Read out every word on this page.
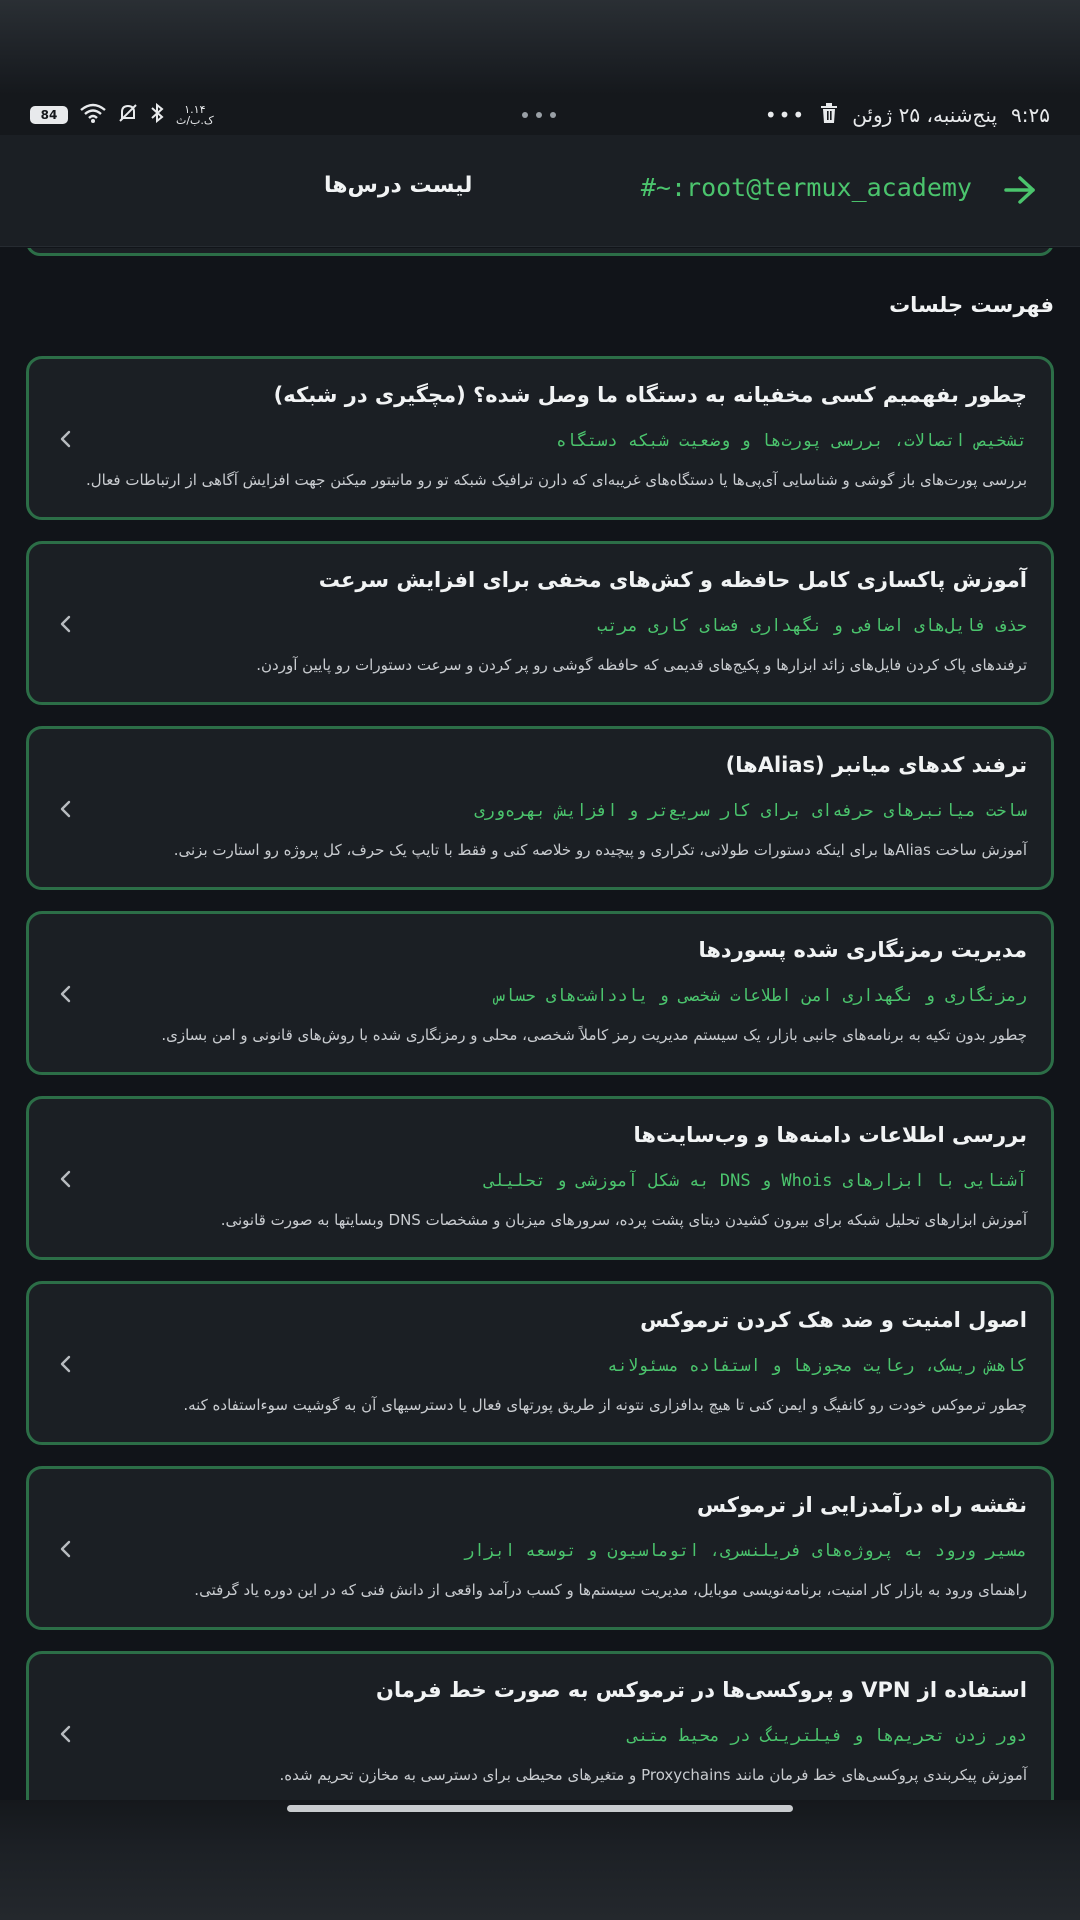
۹:۲۵
پنج‌شنبه، ۲۵ ژوئن
•••
84	۱.۱۴
ک.ب/ث
#~:root@termux_academy
لیست درس‌ها
فهرست جلسات
چطور بفهمیم کسی مخفیانه به دستگاه ما وصل شده؟ (مچگیری در شبکه)
تشخیص اتصالات، بررسی پورت‌ها و وضعیت شبکه دستگاه
بررسی پورت‌های باز گوشی و شناسایی آی‌پی‌ها یا دستگاه‌های غریبه‌ای که دارن ترافیک شبکه تو رو مانیتور میکنن جهت افزایش آگاهی از ارتباطات فعال.
آموزش پاکسازی کامل حافظه و کش‌های مخفی برای افزایش سرعت
حذف فایل‌های اضافی و نگهداری فضای کاری مرتب
ترفندهای پاک کردن فایل‌های زائد ابزارها و پکیج‌های قدیمی که حافظه گوشی رو پر کردن و سرعت دستورات رو پایین آوردن.
ترفند کدهای میانبر (Aliasها)
ساخت میانبرهای حرفه‌ای برای کار سریع‌تر و افزایش بهره‌وری
آموزش ساخت Aliasها برای اینکه دستورات طولانی، تکراری و پیچیده رو خلاصه کنی و فقط با تایپ یک حرف، کل پروژه رو استارت بزنی.
مدیریت رمزنگاری شده پسوردها
رمزنگاری و نگهداری امن اطلاعات شخصی و یادداشت‌های حساس
چطور بدون تکیه به برنامه‌های جانبی بازار، یک سیستم مدیریت رمز کاملاً شخصی، محلی و رمزنگاری شده با روش‌های قانونی و امن بسازی.
بررسی اطلاعات دامنه‌ها و وب‌سایت‌ها
آشنایی با ابزارهای Whois و DNS به شکل آموزشی و تحلیلی
آموزش ابزارهای تحلیل شبکه برای بیرون کشیدن دیتای پشت پرده، سرورهای میزبان و مشخصات DNS وبسایتها به صورت قانونی.
اصول امنیت و ضد هک کردن ترموکس
کاهش ریسک، رعایت مجوزها و استفاده مسئولانه
چطور ترموکس خودت رو کانفیگ و ایمن کنی تا هیچ بدافزاری نتونه از طریق پورتهای فعال یا دسترسیهای آن به گوشیت سوءاستفاده کنه.
نقشه راه درآمدزایی از ترموکس
مسیر ورود به پروژه‌های فریلنسری، اتوماسیون و توسعه ابزار
راهنمای ورود به بازار کار امنیت، برنامه‌نویسی موبایل، مدیریت سیستم‌ها و کسب درآمد واقعی از دانش فنی که در این دوره یاد گرفتی.
استفاده از VPN و پروکسی‌ها در ترموکس به صورت خط فرمان
دور زدن تحریم‌ها و فیلترینگ در محیط متنی
آموزش پیکربندی پروکسی‌های خط فرمان مانند Proxychains و متغیرهای محیطی برای دسترسی به مخازن تحریم شده.
